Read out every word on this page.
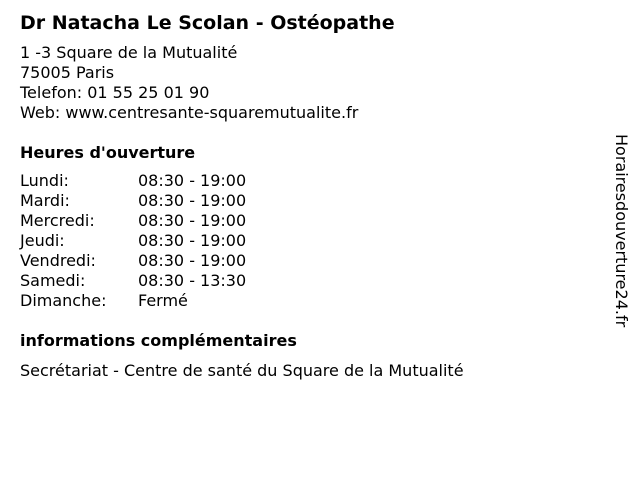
Dr Natacha Le Scolan - Ostéopathe
1 -3 Square de la Mutualité
75005 Paris
Telefon: 01 55 25 01 90
Web: www.centresante-squaremutualite.fr
Heures d'ouverture
Lundi:	08:30 - 19:00
Mardi:	08:30 - 19:00
Mercredi:	08:30 - 19:00
Jeudi:	08:30 - 19:00
Vendredi:	08:30 - 19:00
Samedi:	08:30 - 13:30
Dimanche:	Fermé
informations complémentaires
Secrétariat - Centre de santé du Square de la Mutualité
Horairesdouverture24.fr
